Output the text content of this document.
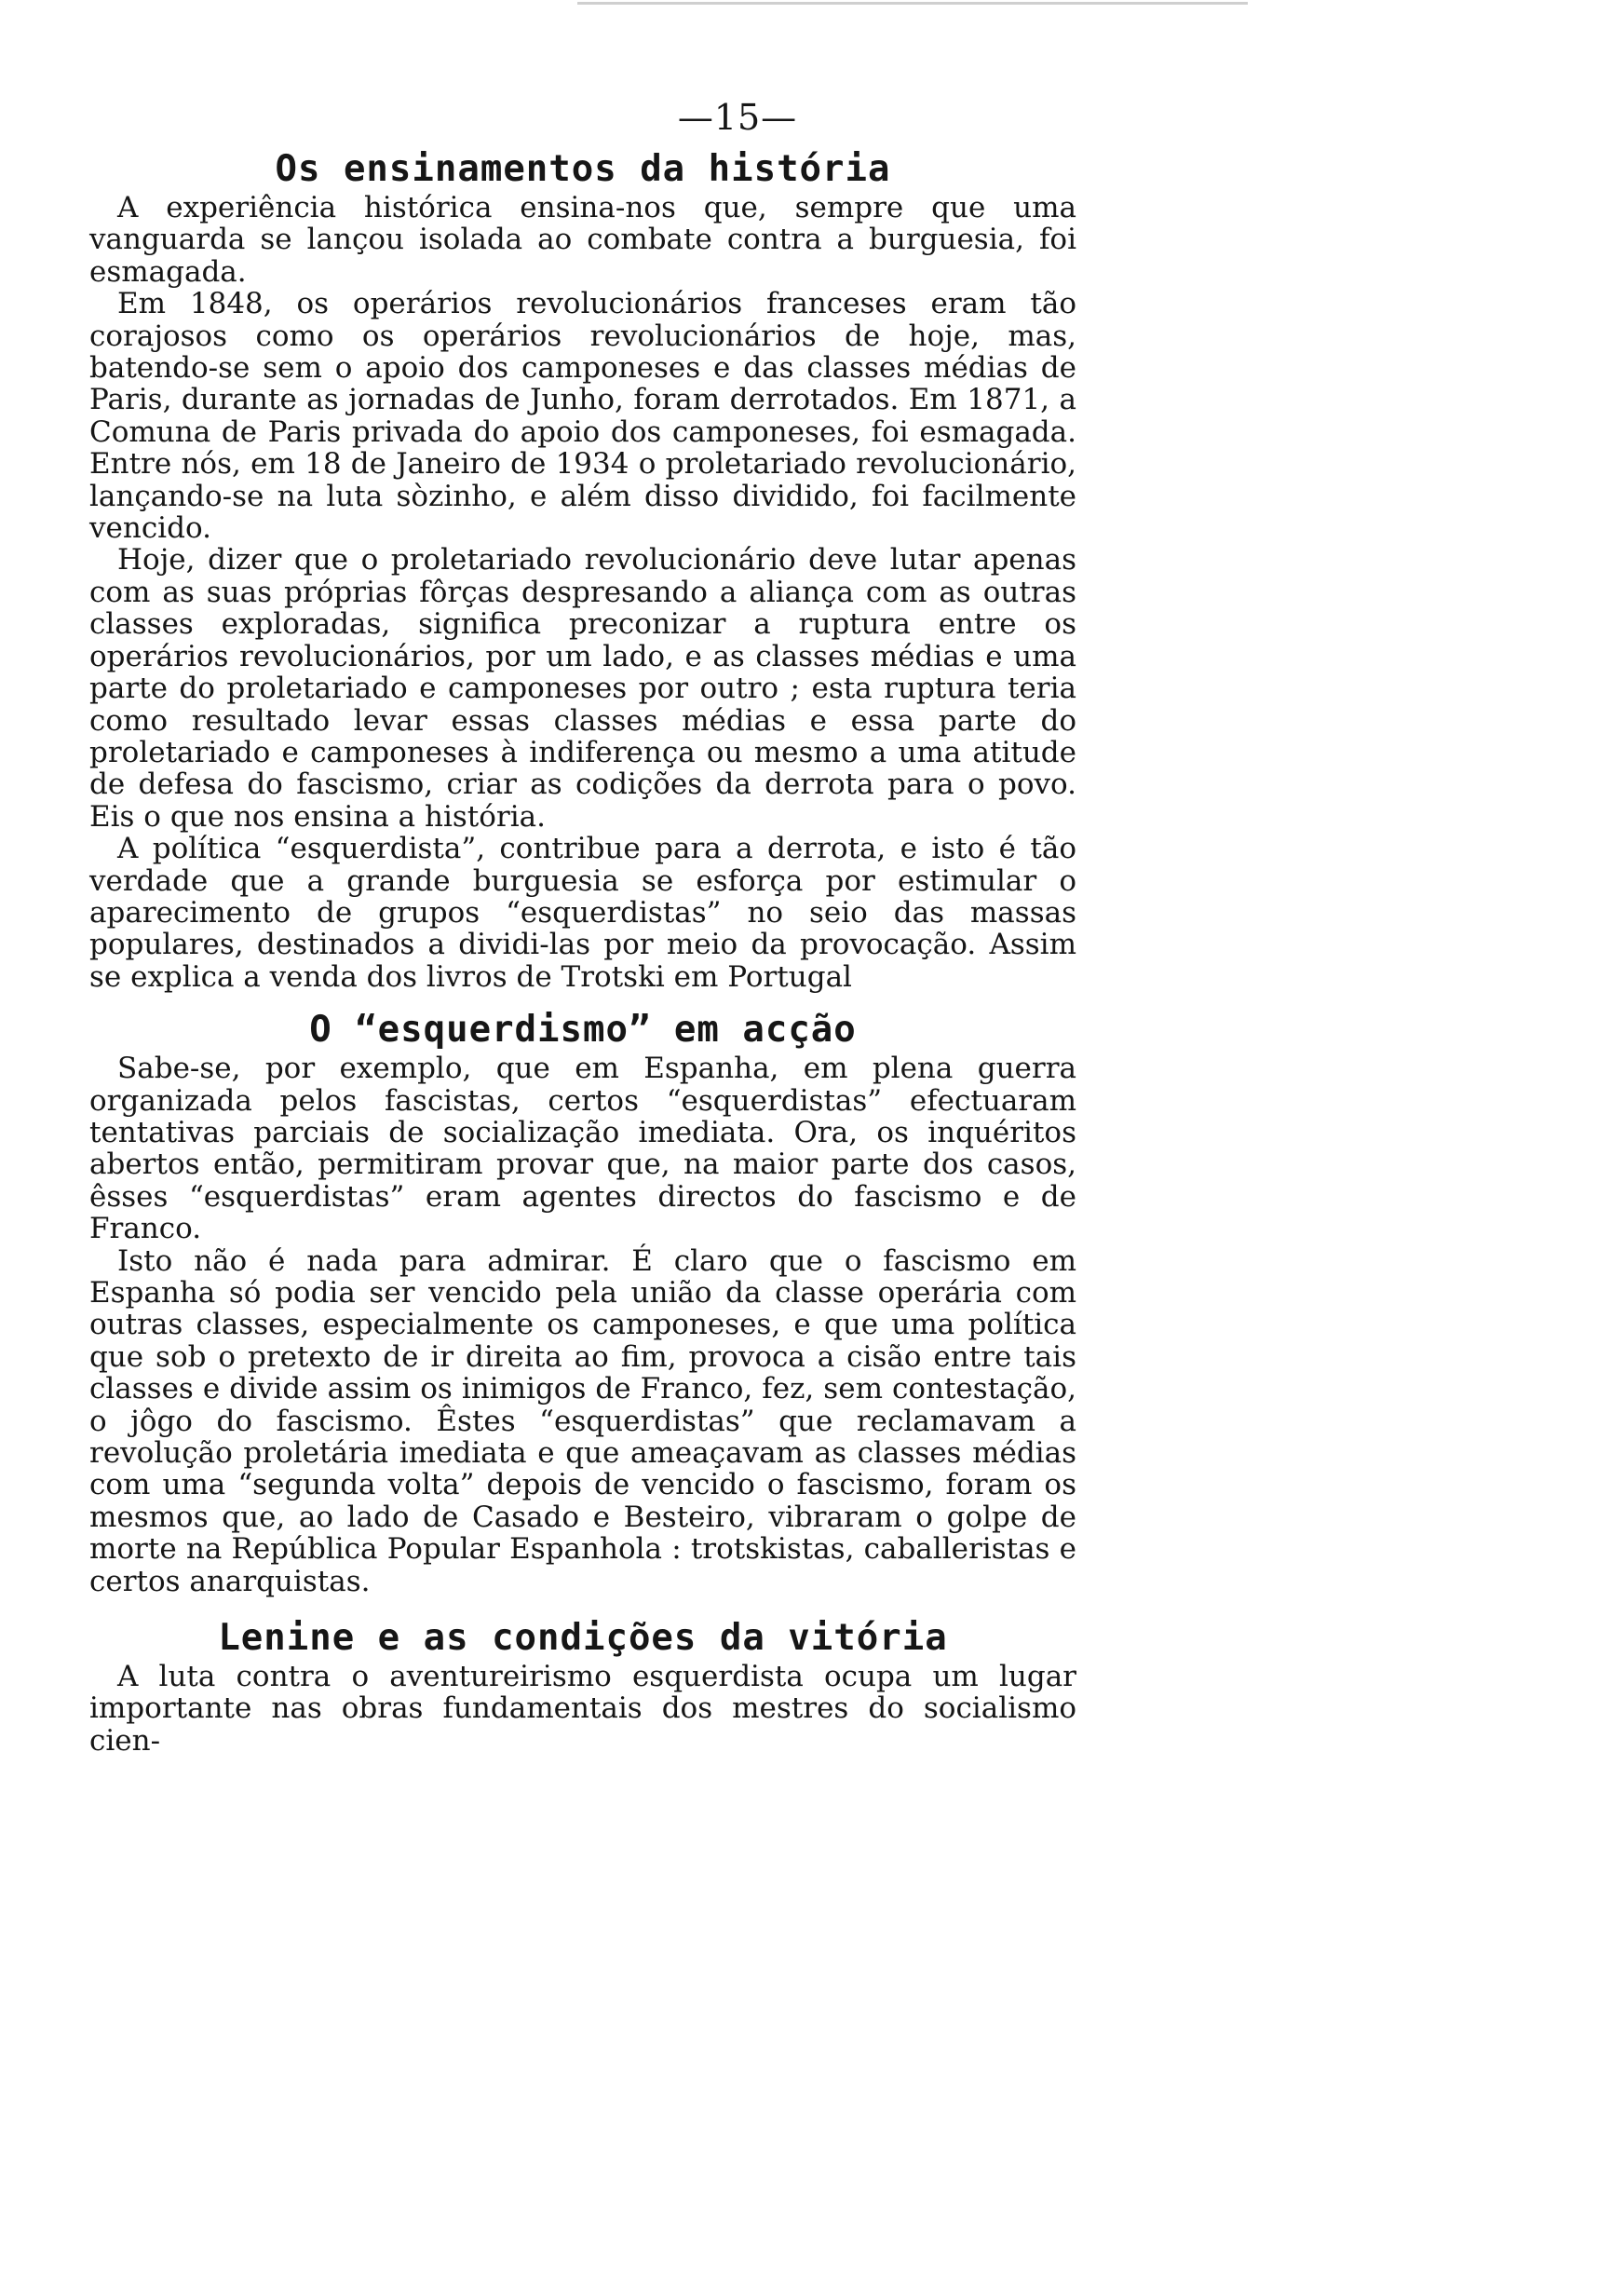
—15—
Os ensinamentos da história

A experiência histórica ensina-nos que, sempre que uma vanguarda se lançou isolada ao combate contra a burguesia, foi esmagada.

Em 1848, os operários revolucionários franceses eram tão corajosos como os operários revolucionários de hoje, mas, batendo-se sem o apoio dos camponeses e das classes médias de Paris, durante as jornadas de Junho, foram derrotados. Em 1871, a Comuna de Paris privada do apoio dos camponeses, foi esmagada. Entre nós, em 18 de Janeiro de 1934 o proletariado revolucionário, lançando-se na luta sòzinho, e além disso dividido, foi facilmente vencido.

Hoje, dizer que o proletariado revolucionário deve lutar apenas com as suas próprias fôrças despresando a aliança com as outras classes exploradas, significa preconizar a ruptura entre os operários revolucionários, por um lado, e as classes médias e uma parte do proletariado e camponeses por outro ; esta ruptura teria como resultado levar essas classes médias e essa parte do proletariado e camponeses à indiferença ou mesmo a uma atitude de defesa do fascismo, criar as codições da derrota para o povo. Eis o que nos ensina a história.

A política “esquerdista”, contribue para a derrota, e isto é tão verdade que a grande burguesia se esforça por estimular o aparecimento de grupos “esquerdistas” no seio das massas populares, destinados a dividi-las por meio da provocação. Assim se explica a venda dos livros de Trotski em Portugal

O “esquerdismo” em acção

Sabe-se, por exemplo, que em Espanha, em plena guerra organizada pelos fascistas, certos “esquerdistas” efectuaram tentativas parciais de socialização imediata. Ora, os inquéritos abertos então, permitiram provar que, na maior parte dos casos, êsses “esquerdistas” eram agentes directos do fascismo e de Franco.

Isto não é nada para admirar. É claro que o fascismo em Espanha só podia ser vencido pela união da classe operária com outras classes, especialmente os camponeses, e que uma política que sob o pretexto de ir direita ao fim, provoca a cisão entre tais classes e divide assim os inimigos de Franco, fez, sem contestação, o jôgo do fascismo. Êstes “esquerdistas” que reclamavam a revolução proletária imediata e que ameaçavam as classes médias com uma “segunda volta” depois de vencido o fascismo, foram os mesmos que, ao lado de Casado e Besteiro, vibraram o golpe de morte na República Popular Espanhola : trotskistas, caballeristas e certos anarquistas.

Lenine e as condições da vitória

A luta contra o aventureirismo esquerdista ocupa um lugar importante nas obras fundamentais dos mestres do socialismo cien-
